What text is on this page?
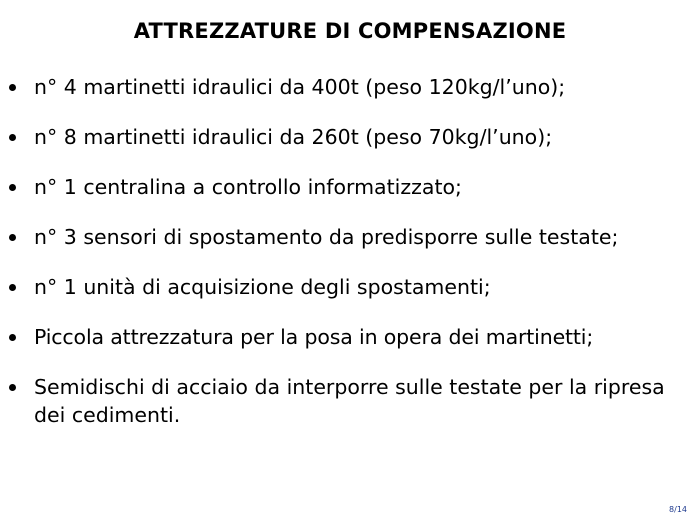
ATTREZZATURE DI COMPENSAZIONE
n° 4 martinetti idraulici da 400t (peso 120kg/l’uno);
n° 8 martinetti idraulici da 260t (peso 70kg/l’uno);
n° 1 centralina a controllo informatizzato;
n° 3 sensori di spostamento da predisporre sulle testate;
n° 1 unità di acquisizione degli spostamenti;
Piccola attrezzatura per la posa in opera dei martinetti;
Semidischi di acciaio da interporre sulle testate per la ripresa dei cedimenti.
8/14
